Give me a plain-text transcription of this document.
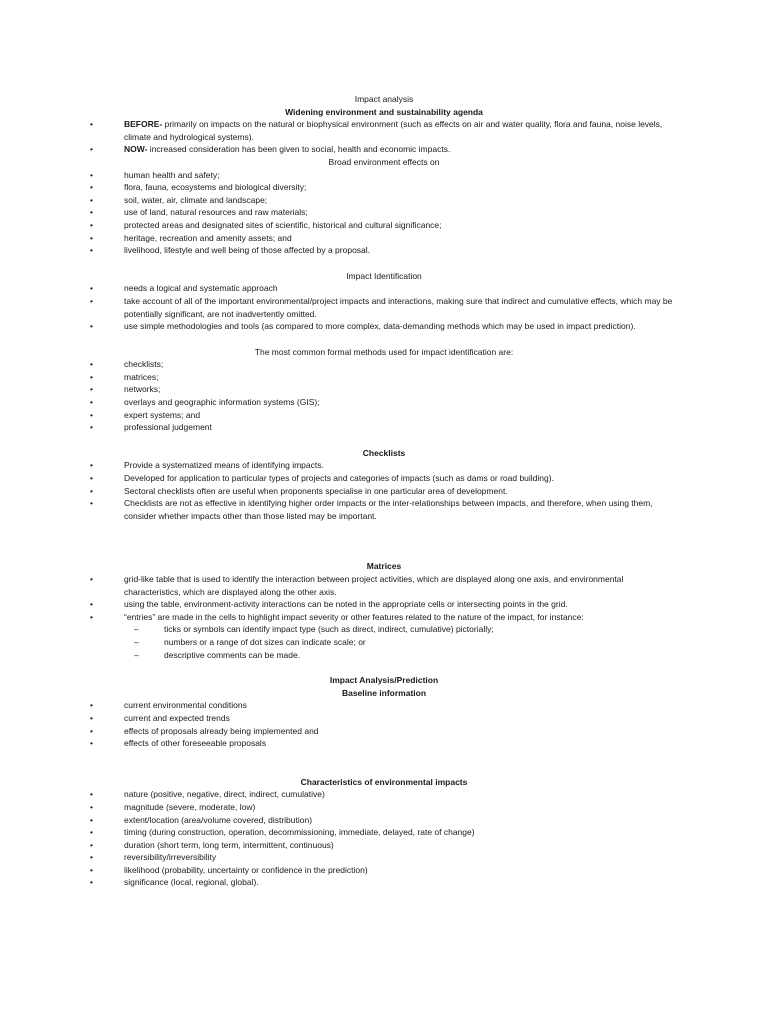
Impact analysis
Widening environment and sustainability agenda
• BEFORE- primarily on impacts on the natural or biophysical environment (such as effects on air and water quality, flora and fauna, noise levels, climate and hydrological systems).
• NOW- increased consideration has been given to social, health and economic impacts.
Broad environment effects on
• human health and safety;
• flora, fauna, ecosystems and biological diversity;
• soil, water, air, climate and landscape;
• use of land, natural resources and raw materials;
• protected areas and designated sites of scientific, historical and cultural significance;
• heritage, recreation and amenity assets; and
• livelihood, lifestyle and well being of those affected by a proposal.
Impact Identification
• needs a logical and systematic approach
• take account of all of the important environmental/project impacts and interactions, making sure that indirect and cumulative effects, which may be potentially significant, are not inadvertently omitted.
• use simple methodologies and tools (as compared to more complex, data-demanding methods which may be used in impact prediction).
The most common formal methods used for impact identification are:
• checklists;
• matrices;
• networks;
• overlays and geographic information systems (GIS);
• expert systems; and
• professional judgement
Checklists
• Provide a systematized means of identifying impacts.
• Developed for application to particular types of projects and categories of impacts (such as dams or road building).
• Sectoral checklists often are useful when proponents specialise in one particular area of development.
• Checklists are not as effective in identifying higher order impacts or the inter-relationships between impacts, and therefore, when using them, consider whether impacts other than those listed may be important.
Matrices
• grid-like table that is used to identify the interaction between project activities, which are displayed along one axis, and environmental characteristics, which are displayed along the other axis.
• using the table, environment-activity interactions can be noted in the appropriate cells or intersecting points in the grid.
• “entries” are made in the cells to highlight impact severity or other features related to the nature of the impact, for instance:
– ticks or symbols can identify impact type (such as direct, indirect, cumulative) pictorially;
– numbers or a range of dot sizes can indicate scale; or
– descriptive comments can be made.
Impact Analysis/Prediction
Baseline information
• current environmental conditions
• current and expected trends
• effects of proposals already being implemented and
• effects of other foreseeable proposals
Characteristics of environmental impacts
• nature (positive, negative, direct, indirect, cumulative)
• magnitude (severe, moderate, low)
• extent/location (area/volume covered, distribution)
• timing (during construction, operation, decommissioning, immediate, delayed, rate of change)
• duration (short term, long term, intermittent, continuous)
• reversibility/irreversibility
• likelihood (probability, uncertainty or confidence in the prediction)
• significance (local, regional, global).
